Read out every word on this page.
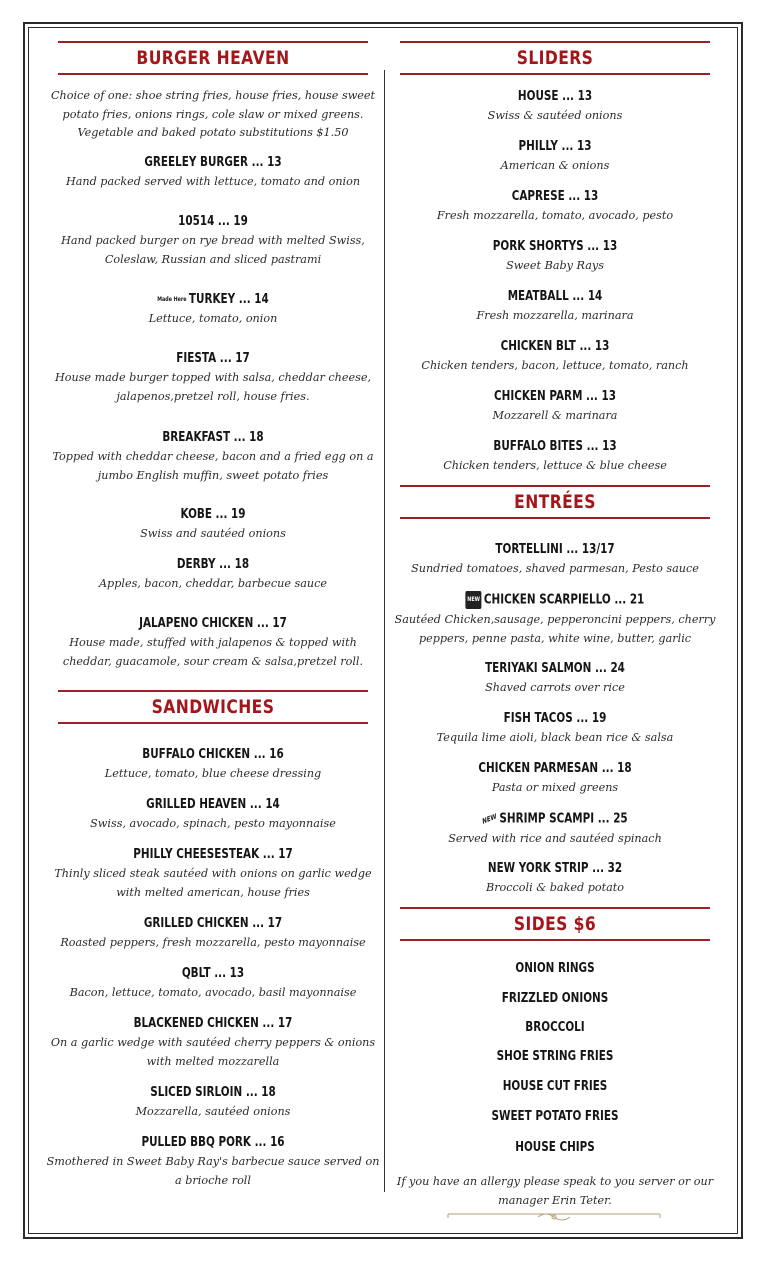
BURGER HEAVEN
Choice of one: shoe string fries, house fries, house sweet potato fries, onions rings, cole slaw or mixed greens. Vegetable and baked potato substitutions $1.50
GREELEY BURGER ... 13
Hand packed served with lettuce, tomato and onion
10514 ... 19
Hand packed burger on rye bread with melted Swiss, Coleslaw, Russian and sliced pastrami
Made Here TURKEY ... 14
Lettuce, tomato, onion
FIESTA ... 17
House made burger topped with salsa, cheddar cheese, jalapenos,pretzel roll, house fries.
BREAKFAST ... 18
Topped with cheddar cheese, bacon and a fried egg on a jumbo English muffin, sweet potato fries
KOBE ... 19
Swiss and sautéed onions
DERBY ... 18
Apples, bacon, cheddar, barbecue sauce
JALAPENO CHICKEN ... 17
House made, stuffed with jalapenos & topped with cheddar, guacamole, sour cream & salsa,pretzel roll.
SANDWICHES
BUFFALO CHICKEN ... 16
Lettuce, tomato, blue cheese dressing
GRILLED HEAVEN ... 14
Swiss, avocado, spinach, pesto mayonnaise
PHILLY CHEESESTEAK ... 17
Thinly sliced steak sautéed with onions on garlic wedge with melted american, house fries
GRILLED CHICKEN ... 17
Roasted peppers, fresh mozzarella, pesto mayonnaise
QBLT ... 13
Bacon, lettuce, tomato, avocado, basil mayonnaise
BLACKENED CHICKEN ... 17
On a garlic wedge with sautéed cherry peppers & onions with melted mozzarella
SLICED SIRLOIN ... 18
Mozzarella, sautéed onions
PULLED BBQ PORK ... 16
Smothered in Sweet Baby Ray's barbecue sauce served on a brioche roll
SLIDERS
HOUSE ... 13
Swiss & sautéed onions
PHILLY ... 13
American & onions
CAPRESE ... 13
Fresh mozzarella, tomato, avocado, pesto
PORK SHORTYS ... 13
Sweet Baby Rays
MEATBALL ... 14
Fresh mozzarella, marinara
CHICKEN BLT ... 13
Chicken tenders, bacon, lettuce, tomato, ranch
CHICKEN PARM ... 13
Mozzarell & marinara
BUFFALO BITES ... 13
Chicken tenders, lettuce & blue cheese
ENTRÉES
TORTELLINI ... 13/17
Sundried tomatoes, shaved parmesan, Pesto sauce
NEW CHICKEN SCARPIELLO ... 21
Sautéed Chicken,sausage, pepperoncini peppers, cherry peppers, penne pasta, white wine, butter, garlic
TERIYAKI SALMON ... 24
Shaved carrots over rice
FISH TACOS ... 19
Tequila lime aioli, black bean rice & salsa
CHICKEN PARMESAN ... 18
Pasta or mixed greens
NEW SHRIMP SCAMPI ... 25
Served with rice and sautéed spinach
NEW YORK STRIP ... 32
Broccoli & baked potato
SIDES $6
ONION RINGS
FRIZZLED ONIONS
BROCCOLI
SHOE STRING FRIES
HOUSE CUT FRIES
SWEET POTATO FRIES
HOUSE CHIPS
If you have an allergy please speak to you server or our manager Erin Teter.
